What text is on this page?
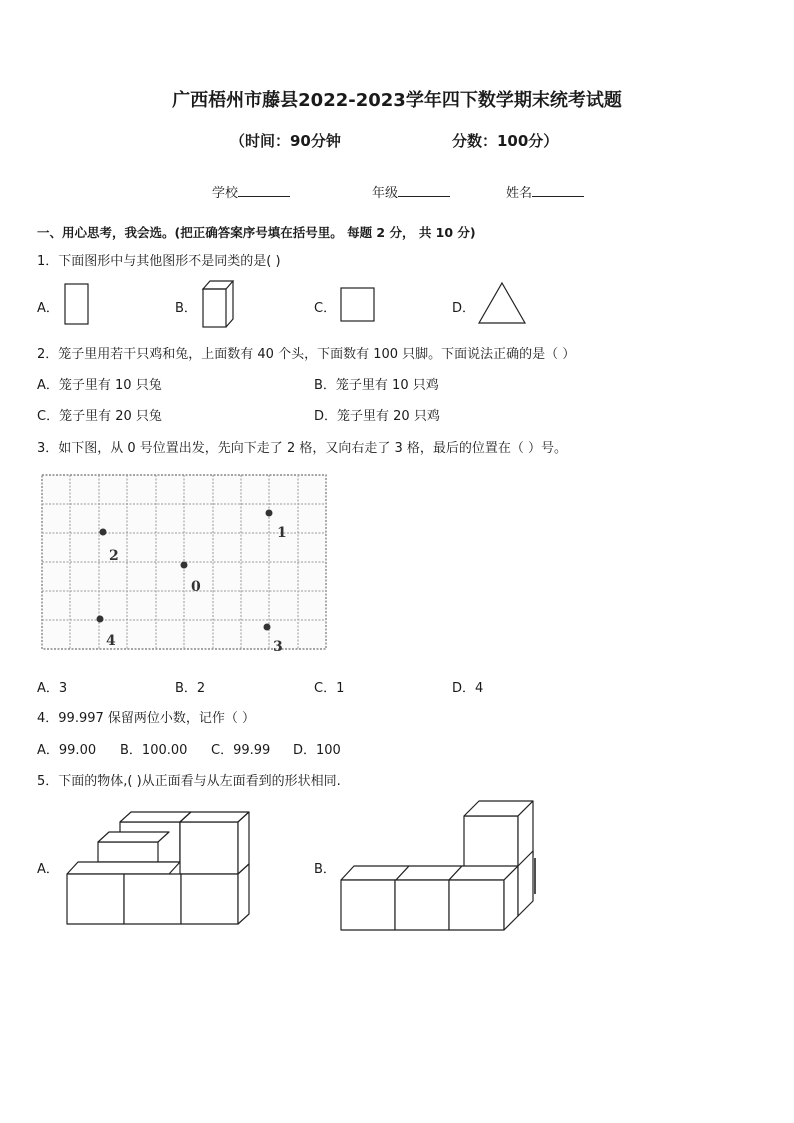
广西梧州市藤县2022-2023学年四下数学期末统考试题
（时间：90分钟	分数：100分）
学校	年级	姓名
一、用心思考，我会选。(把正确答案序号填在括号里。 每题 2 分， 共 10 分)
1．下面图形中与其他图形不是同类的是( )
A．	B．	C．	D．
2．笼子里用若干只鸡和兔，上面数有 40 个头，下面数有 100 只脚。下面说法正确的是（ ）
A．笼子里有 10 只兔	B．笼子里有 10 只鸡
C．笼子里有 20 只兔	D．笼子里有 20 只鸡
3．如下图，从 0 号位置出发，先向下走了 2 格，又向右走了 3 格，最后的位置在（ ）号。
1
2
0
4	3
A．3	B．2	C．1	D．4
4．99.997 保留两位小数，记作（ ）
A．99.00 B．100.00 C．99.99 D．100
5．下面的物体,( )从正面看与从左面看到的形状相同.
A．	B．
